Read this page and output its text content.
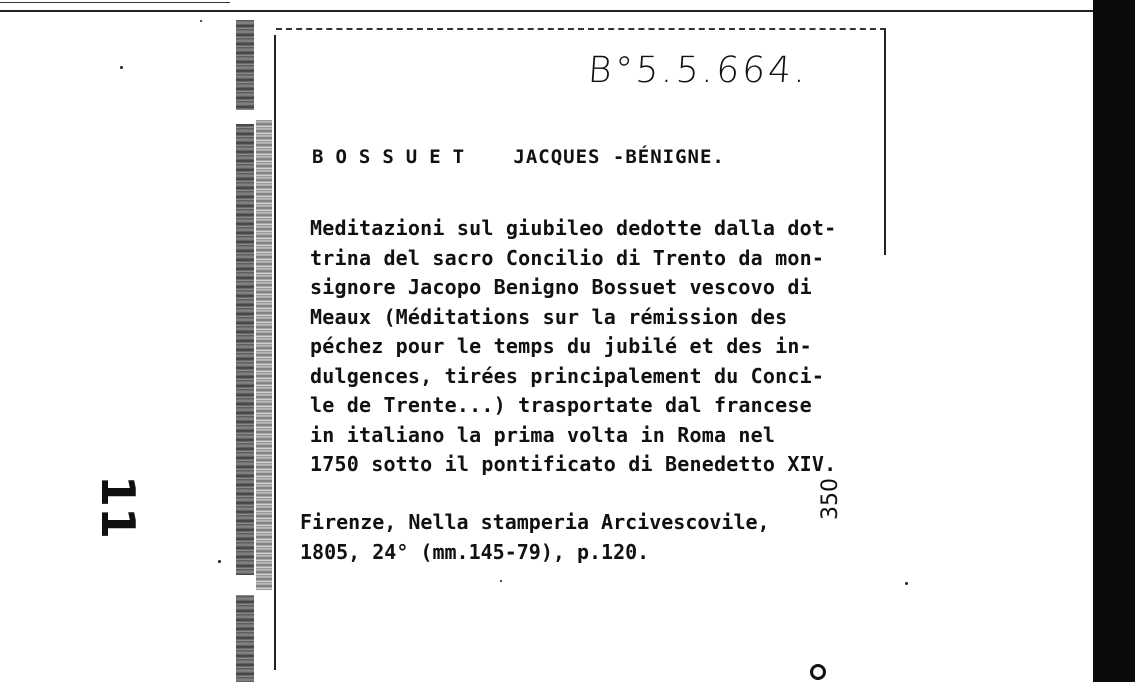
B°5.5.664.
BOSSUET JACQUES -BÉNIGNE.
Meditazioni sul giubileo dedotte dalla dot-
trina del sacro Concilio di Trento da mon-
signore Jacopo Benigno Bossuet vescovo di
Meaux (Méditations sur la rémission des
péchez pour le temps du jubilé et des in-
dulgences, tirées principalement du Conci-
le de Trente...) trasportate dal francese
in italiano la prima volta in Roma nel
1750 sotto il pontificato di Benedetto XIV.
Firenze, Nella stamperia Arcivescovile,
1805, 24° (mm.145-79), p.120.
350
11
